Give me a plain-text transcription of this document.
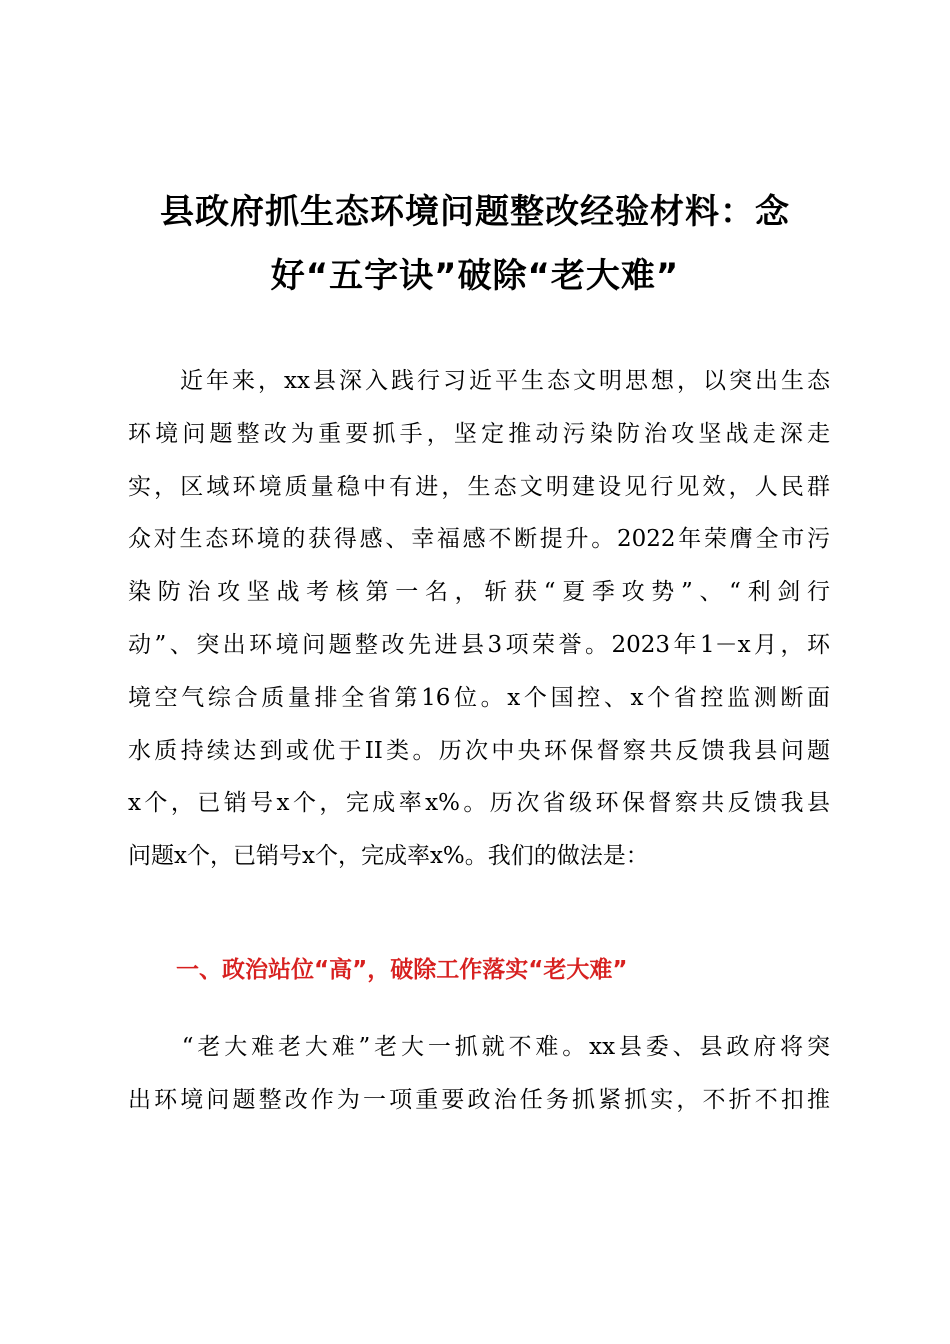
县政府抓生态环境问题整改经验材料：念
好“五字诀”破除“老大难”

　　近年来，xx县深入践行习近平生态文明思想，以突出生态
环境问题整改为重要抓手，坚定推动污染防治攻坚战走深走
实，区域环境质量稳中有进，生态文明建设见行见效，人民群
众对生态环境的获得感、幸福感不断提升。2022年荣膺全市污
染防治攻坚战考核第一名，斩获“夏季攻势”、“利剑行
动”、突出环境问题整改先进县3项荣誉。2023年1－x月，环
境空气综合质量排全省第16位。x个国控、x个省控监测断面
水质持续达到或优于II类。历次中央环保督察共反馈我县问题
x个，已销号x个，完成率x%。历次省级环保督察共反馈我县
问题x个，已销号x个，完成率x%。我们的做法是：

一、政治站位“高”，破除工作落实“老大难”

　　“老大难老大难”老大一抓就不难。xx县委、县政府将突
出环境问题整改作为一项重要政治任务抓紧抓实，不折不扣推
